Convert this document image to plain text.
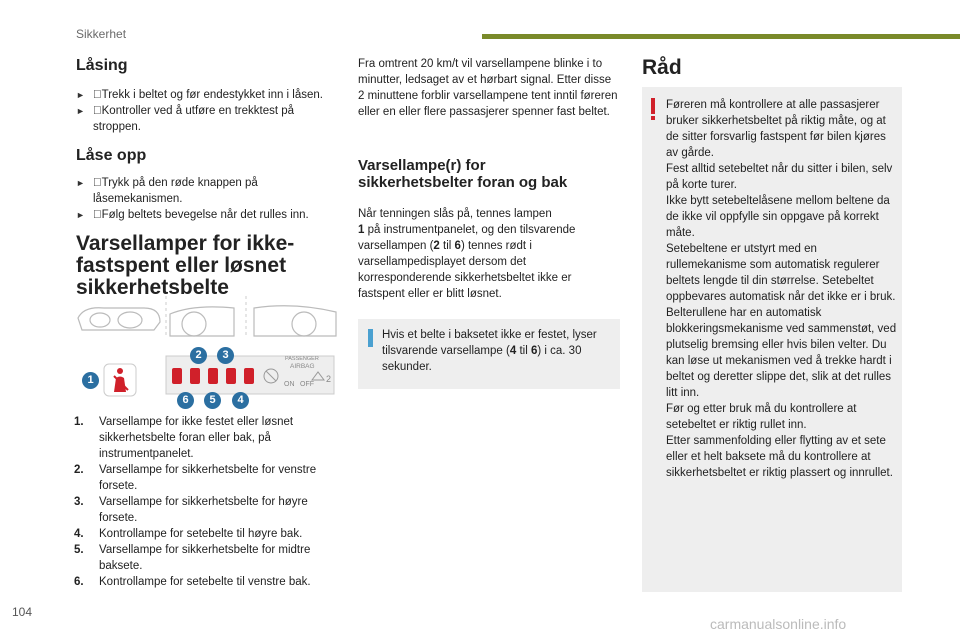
Sikkerhet
Låsing
► Trekk i beltet og før endestykket inn i låsen.
► Kontroller ved å utføre en trekktest på stroppen.
Låse opp
► Trykk på den røde knappen på låsemekanismen.
► Følg beltets bevegelse når det rulles inn.
Varsellamper for ikke-
fastspent eller løsnet
sikkerhetsbelte
PASSENGER
AIRBAG
ON OFF
2
1
2	3
4
5
6
1. Varsellampe for ikke festet eller løsnet sikkerhetsbelte foran eller bak, på instrumentpanelet.
2. Varsellampe for sikkerhetsbelte for venstre forsete.
3. Varsellampe for sikkerhetsbelte for høyre forsete.
4. Kontrollampe for setebelte til høyre bak.
5. Varsellampe for sikkerhetsbelte for midtre baksete.
6. Kontrollampe for setebelte til venstre bak.
Fra omtrent 20 km/t vil varsellampene blinke i to minutter, ledsaget av et hørbart signal. Etter disse 2 minuttene forblir varsellampene tent inntil føreren eller en eller flere passasjerer spenner fast beltet.
Varsellampe(r) for
sikkerhetsbelter foran og bak
Når tenningen slås på, tennes lampen
1 på instrumentpanelet, og den tilsvarende varsellampen (2 til 6) tennes rødt i varsellampedisplayet dersom det korresponderende sikkerhetsbeltet ikke er fastspent eller er blitt løsnet.
Hvis et belte i baksetet ikke er festet, lyser tilsvarende varsellampe (4 til 6) i ca. 30 sekunder.
Råd
Føreren må kontrollere at alle passasjerer bruker sikkerhetsbeltet på riktig måte, og at de sitter forsvarlig fastspent før bilen kjøres av gårde.
Fest alltid setebeltet når du sitter i bilen, selv på korte turer.
Ikke bytt setebeltelåsene mellom beltene da de ikke vil oppfylle sin oppgave på korrekt måte.
Setebeltene er utstyrt med en rullemekanisme som automatisk regulerer beltets lengde til din størrelse. Setebeltet oppbevares automatisk når det ikke er i bruk.
Belterullene har en automatisk blokkeringsmekanisme ved sammenstøt, ved plutselig bremsing eller hvis bilen velter. Du kan løse ut mekanismen ved å trekke hardt i beltet og deretter slippe det, slik at det rulles litt inn.
Før og etter bruk må du kontrollere at setebeltet er riktig rullet inn.
Etter sammenfolding eller flytting av et sete eller et helt baksete må du kontrollere at sikkerhetsbeltet er riktig plassert og innrullet.
104
carmanualsonline.info
